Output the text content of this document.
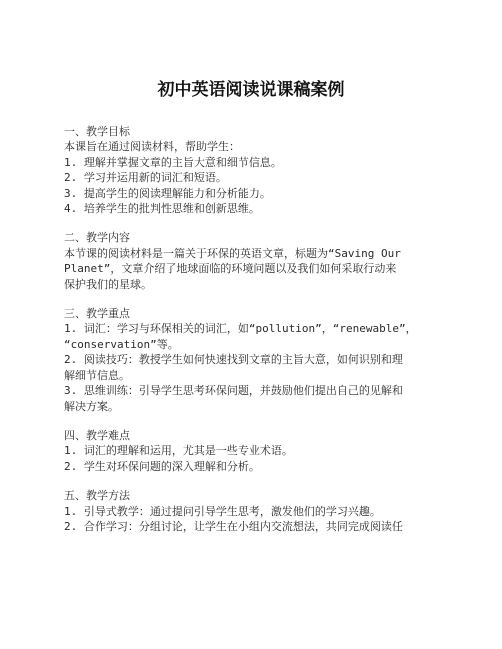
初中英语阅读说课稿案例
一、教学目标
本课旨在通过阅读材料，帮助学生：
1. 理解并掌握文章的主旨大意和细节信息。
2. 学习并运用新的词汇和短语。
3. 提高学生的阅读理解能力和分析能力。
4. 培养学生的批判性思维和创新思维。
二、教学内容
本节课的阅读材料是一篇关于环保的英语文章，标题为“Saving Our
Planet”，文章介绍了地球面临的环境问题以及我们如何采取行动来
保护我们的星球。
三、教学重点
1. 词汇：学习与环保相关的词汇，如“pollution”，“renewable”，
“conservation”等。
2. 阅读技巧：教授学生如何快速找到文章的主旨大意，如何识别和理
解细节信息。
3. 思维训练：引导学生思考环保问题，并鼓励他们提出自己的见解和
解决方案。
四、教学难点
1. 词汇的理解和运用，尤其是一些专业术语。
2. 学生对环保问题的深入理解和分析。
五、教学方法
1. 引导式教学：通过提问引导学生思考，激发他们的学习兴趣。
2. 合作学习：分组讨论，让学生在小组内交流想法，共同完成阅读任
